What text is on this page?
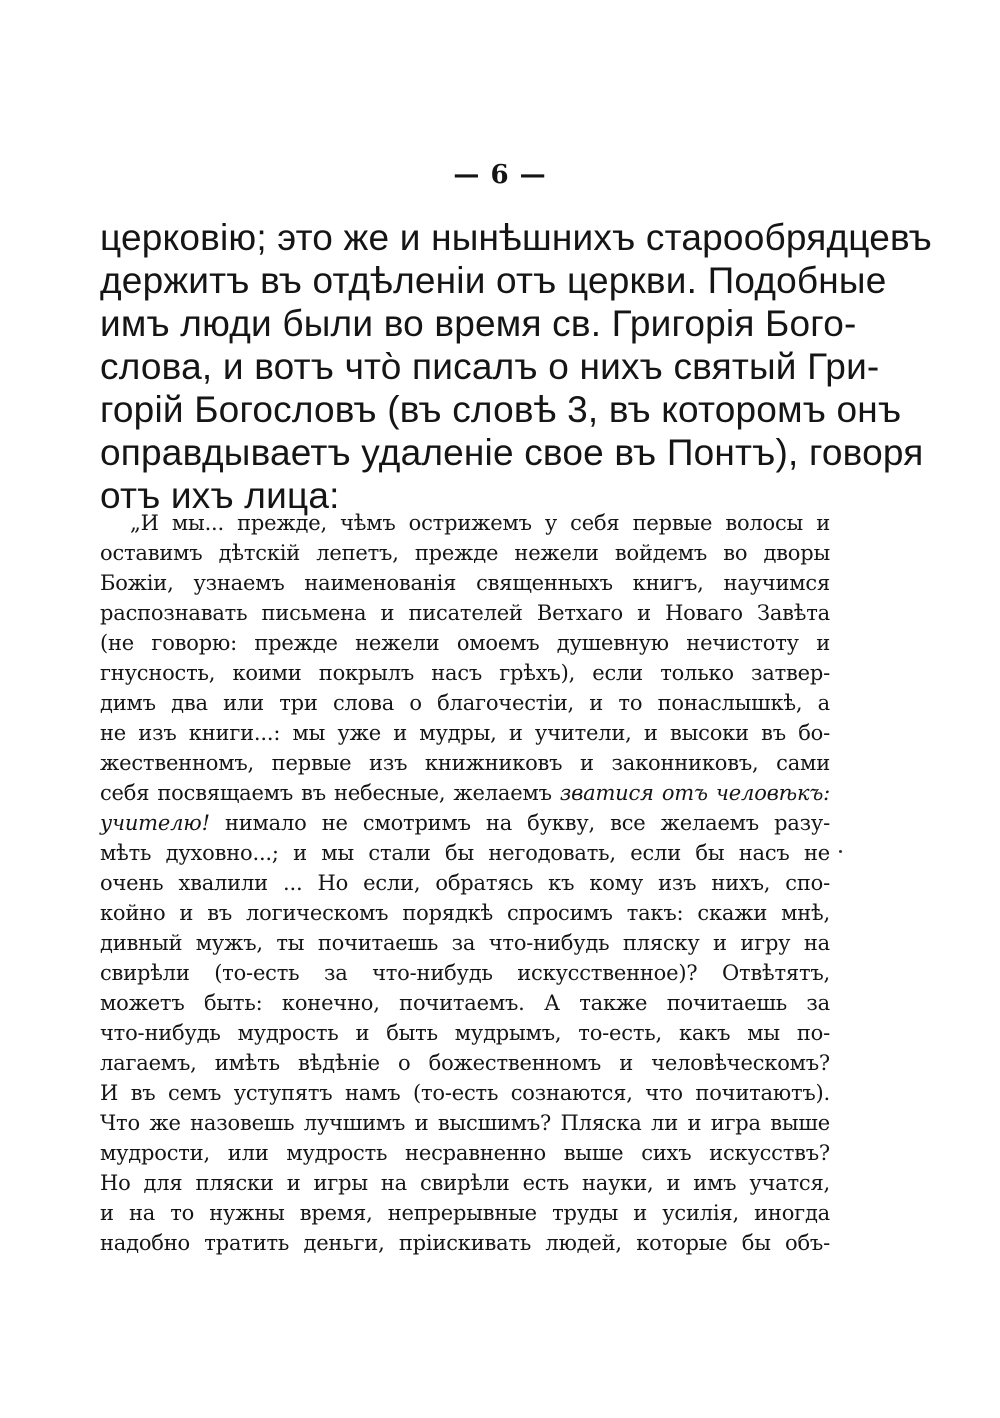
— 6 —
церковію; это же и нынѣшнихъ старообрядцевъ
держитъ въ отдѣленіи отъ церкви. Подобные
имъ люди были во время св. Григорія Бого-
слова, и вотъ что̀ писалъ о нихъ святый Гри-
горій Богословъ (въ словѣ 3, въ которомъ онъ
оправдываетъ удаленіе свое въ Понтъ), говоря
отъ ихъ лица:
„И мы... прежде, чѣмъ острижемъ у себя первые волосы и
оставимъ дѣтскій лепетъ, прежде нежели войдемъ во дворы
Божіи, узнаемъ наименованія священныхъ книгъ, научимся
распознавать письмена и писателей Ветхаго и Новаго Завѣта
(не говорю: прежде нежели омоемъ душевную нечистоту и
гнусность, коими покрылъ насъ грѣхъ), если только затвер-
димъ два или три слова о благочестіи, и то понаслышкѣ, а
не изъ книги...: мы уже и мудры, и учители, и высоки въ бо-
жественномъ, первые изъ книжниковъ и законниковъ, сами
себя посвящаемъ въ небесные, желаемъ зватися отъ человѣкъ:
учителю! нимало не смотримъ на букву, все желаемъ разу-
мѣть духовно...; и мы стали бы негодовать, если бы насъ не
очень хвалили ... Но если, обратясь къ кому изъ нихъ, спо-
койно и въ логическомъ порядкѣ спросимъ такъ: скажи мнѣ,
дивный мужъ, ты почитаешь за что-нибудь пляску и игру на
свирѣли (то-есть за что-нибудь искусственное)? Отвѣтятъ,
можетъ быть: конечно, почитаемъ. А также почитаешь за
что-нибудь мудрость и быть мудрымъ, то-есть, какъ мы по-
лагаемъ, имѣть вѣдѣніе о божественномъ и человѣческомъ?
И въ семъ уступятъ намъ (то-есть сознаются, что почитаютъ).
Что же назовешь лучшимъ и высшимъ? Пляска ли и игра выше
мудрости, или мудрость несравненно выше сихъ искусствъ?
Но для пляски и игры на свирѣли есть науки, и имъ учатся,
и на то нужны время, непрерывные труды и усилія, иногда
надобно тратить деньги, пріискивать людей, которые бы объ-
